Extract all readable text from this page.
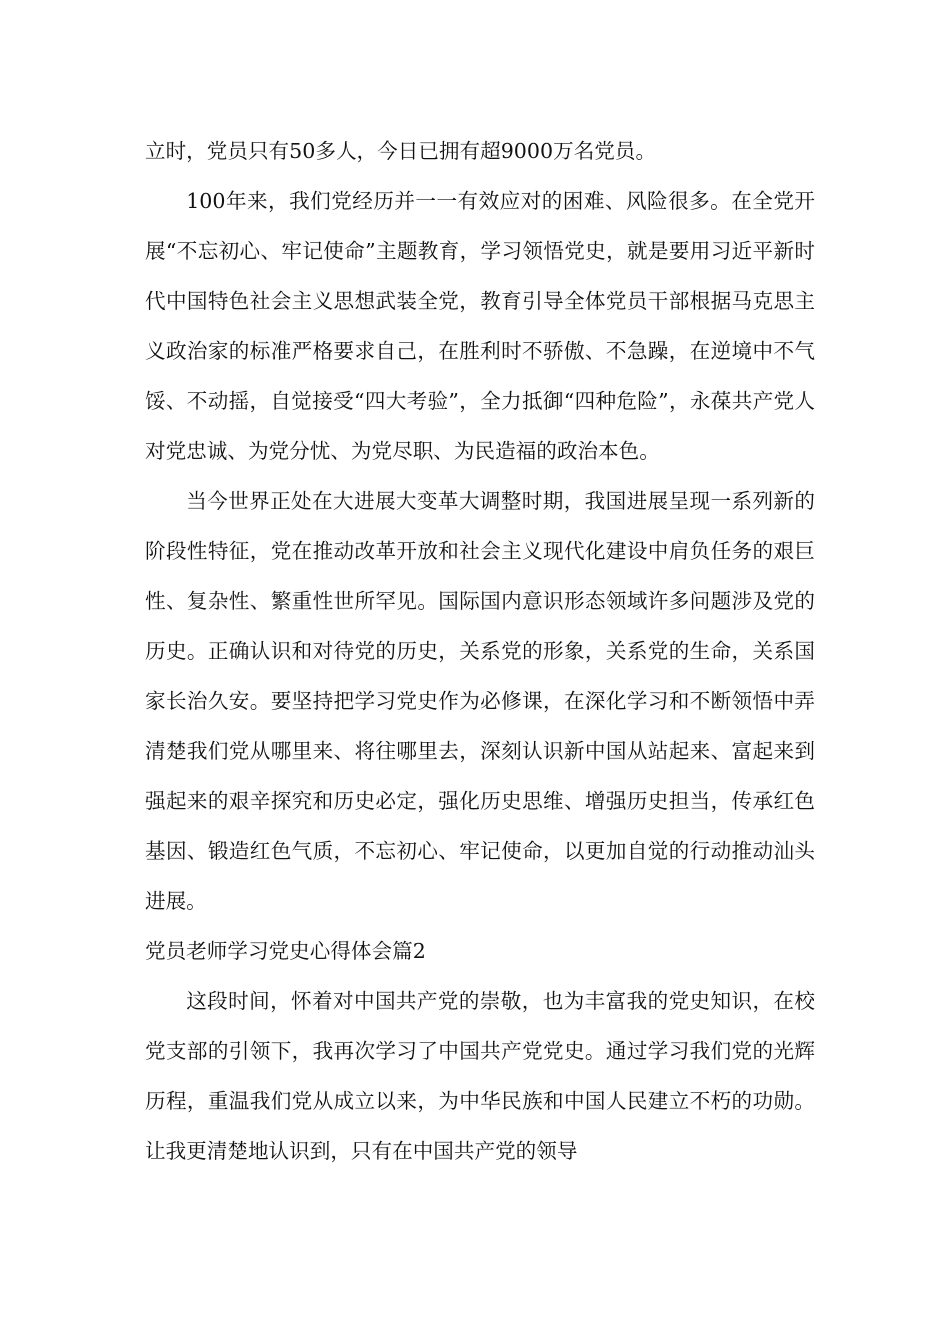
立时，党员只有50多人，今日已拥有超9000万名党员。

100年来，我们党经历并一一有效应对的困难、风险很多。在全党开展“不忘初心、牢记使命”主题教育，学习领悟党史，就是要用习近平新时代中国特色社会主义思想武装全党，教育引导全体党员干部根据马克思主义政治家的标准严格要求自己，在胜利时不骄傲、不急躁，在逆境中不气馁、不动摇，自觉接受“四大考验”，全力抵御“四种危险”，永葆共产党人对党忠诚、为党分忧、为党尽职、为民造福的政治本色。

当今世界正处在大进展大变革大调整时期，我国进展呈现一系列新的阶段性特征，党在推动改革开放和社会主义现代化建设中肩负任务的艰巨性、复杂性、繁重性世所罕见。国际国内意识形态领域许多问题涉及党的历史。正确认识和对待党的历史，关系党的形象，关系党的生命，关系国家长治久安。要坚持把学习党史作为必修课，在深化学习和不断领悟中弄清楚我们党从哪里来、将往哪里去，深刻认识新中国从站起来、富起来到强起来的艰辛探究和历史必定，强化历史思维、增强历史担当，传承红色基因、锻造红色气质，不忘初心、牢记使命，以更加自觉的行动推动汕头进展。

党员老师学习党史心得体会篇2

这段时间，怀着对中国共产党的崇敬，也为丰富我的党史知识，在校党支部的引领下，我再次学习了中国共产党党史。通过学习我们党的光辉历程，重温我们党从成立以来，为中华民族和中国人民建立不朽的功勋。让我更清楚地认识到，只有在中国共产党的领导
